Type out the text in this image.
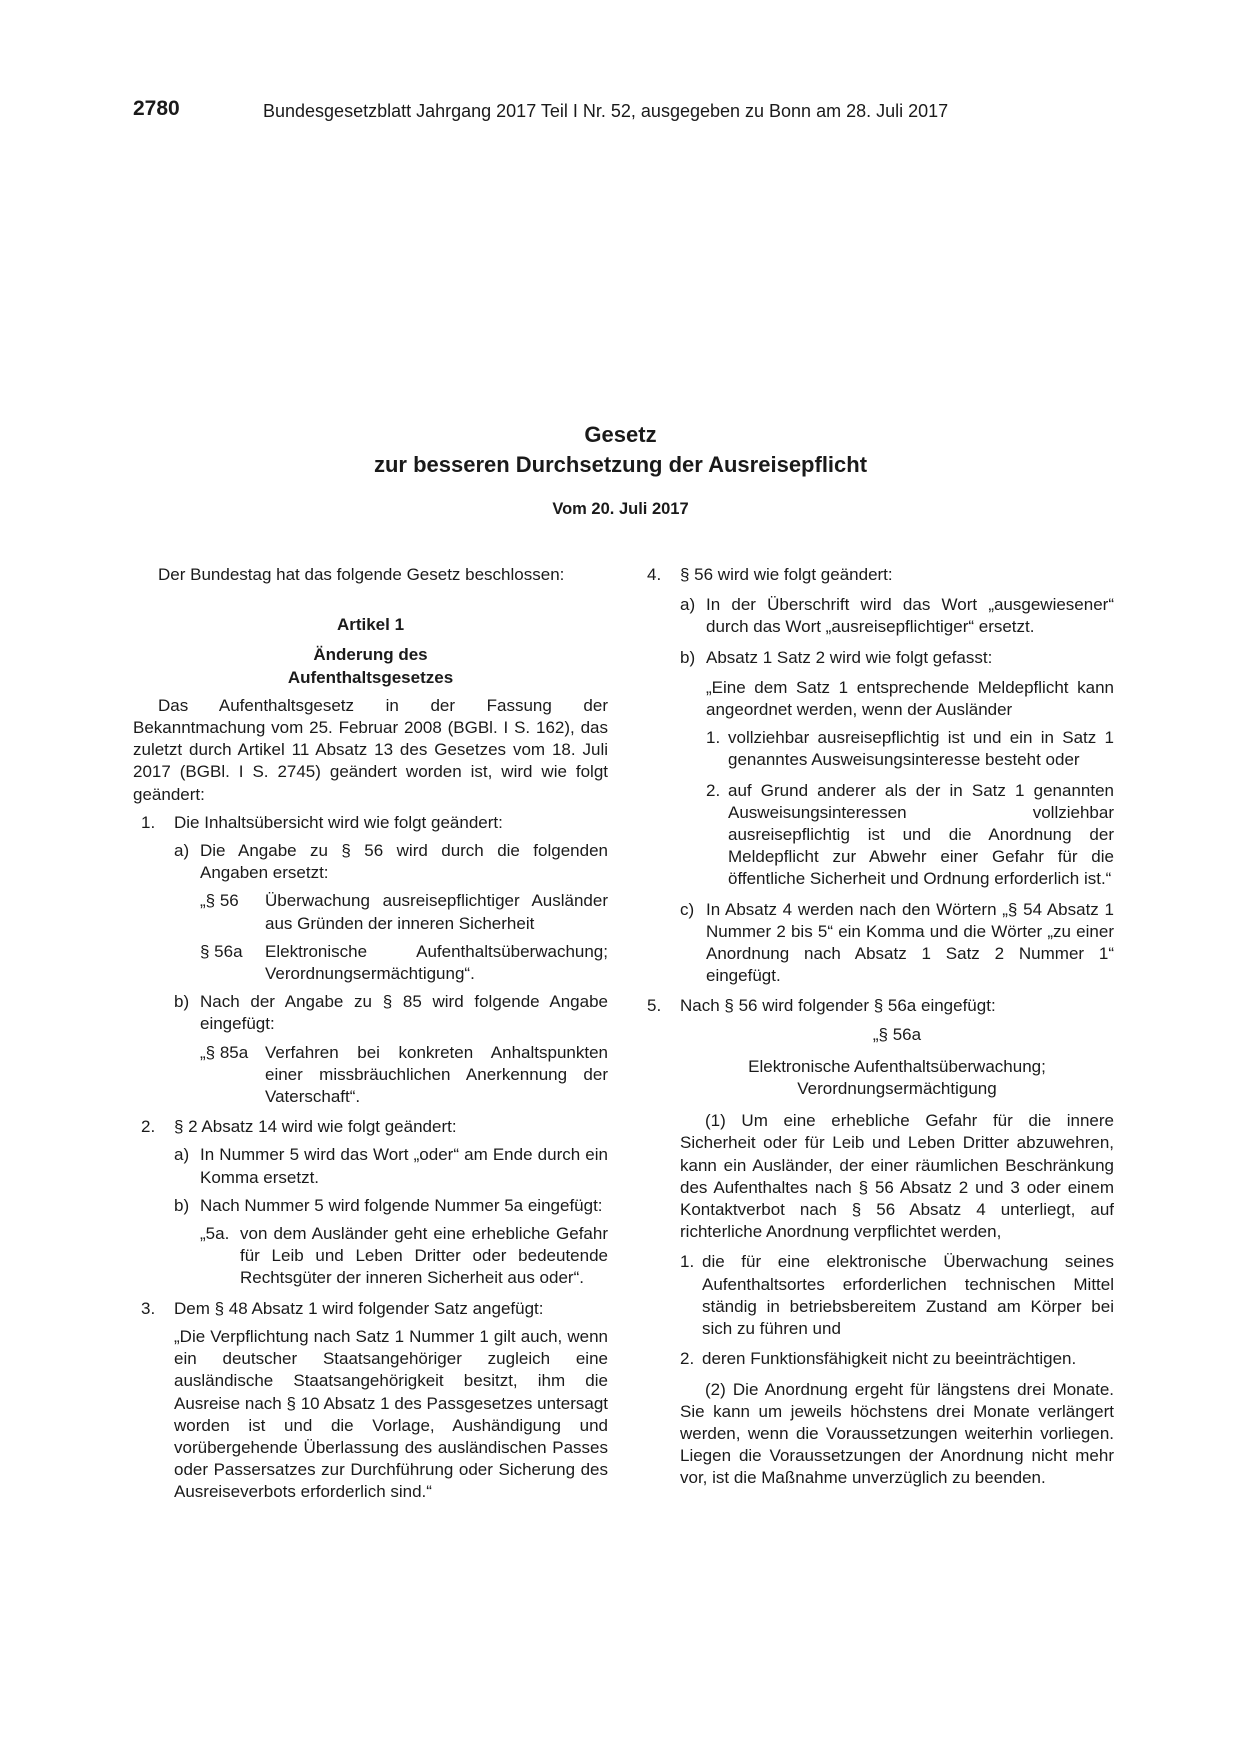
2780	Bundesgesetzblatt Jahrgang 2017 Teil I Nr. 52, ausgegeben zu Bonn am 28. Juli 2017
Gesetz
zur besseren Durchsetzung der Ausreisepflicht
Vom 20. Juli 2017

Der Bundestag hat das folgende Gesetz beschlossen:

Artikel 1

Änderung des

Aufenthaltsgesetzes

Das Aufenthaltsgesetz in der Fassung der Bekanntmachung vom 25. Februar 2008 (BGBl. I S. 162), das zuletzt durch Artikel 11 Absatz 13 des Gesetzes vom 18. Juli 2017 (BGBl. I S. 2745) geändert worden ist, wird wie folgt geändert:

1.	Die Inhaltsübersicht wird wie folgt geändert:
a) Die Angabe zu § 56 wird durch die folgenden Angaben ersetzt:
„§ 56	Überwachung ausreisepflichtiger Ausländer aus Gründen der inneren Sicherheit
§ 56a	Elektronische Aufenthaltsüberwachung; Verordnungsermächtigung“.
b) Nach der Angabe zu § 85 wird folgende Angabe eingefügt:
„§ 85a Verfahren bei konkreten Anhaltspunkten einer missbräuchlichen Anerkennung der Vaterschaft“.
2.	§ 2 Absatz 14 wird wie folgt geändert:
a) In Nummer 5 wird das Wort „oder“ am Ende durch ein Komma ersetzt.
b) Nach Nummer 5 wird folgende Nummer 5a eingefügt:
„5a. von dem Ausländer geht eine erhebliche Gefahr für Leib und Leben Dritter oder bedeutende Rechtsgüter der inneren Sicherheit aus oder“.
3.	Dem § 48 Absatz 1 wird folgender Satz angefügt:

„Die Verpflichtung nach Satz 1 Nummer 1 gilt auch, wenn ein deutscher Staatsangehöriger zugleich eine ausländische Staatsangehörigkeit besitzt, ihm die Ausreise nach § 10 Absatz 1 des Passgesetzes untersagt worden ist und die Vorlage, Aushändigung und vorübergehende Überlassung des ausländischen Passes oder Passersatzes zur Durchführung oder Sicherung des Ausreiseverbots erforderlich sind.“

4.	§ 56 wird wie folgt geändert:
a) In der Überschrift wird das Wort „ausgewiesener“ durch das Wort „ausreisepflichtiger“ ersetzt.
b) Absatz 1 Satz 2 wird wie folgt gefasst:

„Eine dem Satz 1 entsprechende Meldepflicht kann angeordnet werden, wenn der Ausländer

1. vollziehbar ausreisepflichtig ist und ein in Satz 1 genanntes Ausweisungsinteresse besteht oder
2. auf Grund anderer als der in Satz 1 genannten Ausweisungsinteressen vollziehbar ausreisepflichtig ist und die Anordnung der Meldepflicht zur Abwehr einer Gefahr für die öffentliche Sicherheit und Ordnung erforderlich ist.“
c) In Absatz 4 werden nach den Wörtern „§ 54 Absatz 1 Nummer 2 bis 5“ ein Komma und die Wörter „zu einer Anordnung nach Absatz 1 Satz 2 Nummer 1“ eingefügt.
5.	Nach § 56 wird folgender § 56a eingefügt:

„§ 56a

Elektronische Aufenthaltsüberwachung;

Verordnungsermächtigung

(1) Um eine erhebliche Gefahr für die innere Sicherheit oder für Leib und Leben Dritter abzuwehren, kann ein Ausländer, der einer räumlichen Beschränkung des Aufenthaltes nach § 56 Absatz 2 und 3 oder einem Kontaktverbot nach § 56 Absatz 4 unterliegt, auf richterliche Anordnung verpflichtet werden,

1. die für eine elektronische Überwachung seines Aufenthaltsortes erforderlichen technischen Mittel ständig in betriebsbereitem Zustand am Körper bei sich zu führen und
2. deren Funktionsfähigkeit nicht zu beeinträchtigen.

(2) Die Anordnung ergeht für längstens drei Monate. Sie kann um jeweils höchstens drei Monate verlängert werden, wenn die Voraussetzungen weiterhin vorliegen. Liegen die Voraussetzungen der Anordnung nicht mehr vor, ist die Maßnahme unverzüglich zu beenden.
